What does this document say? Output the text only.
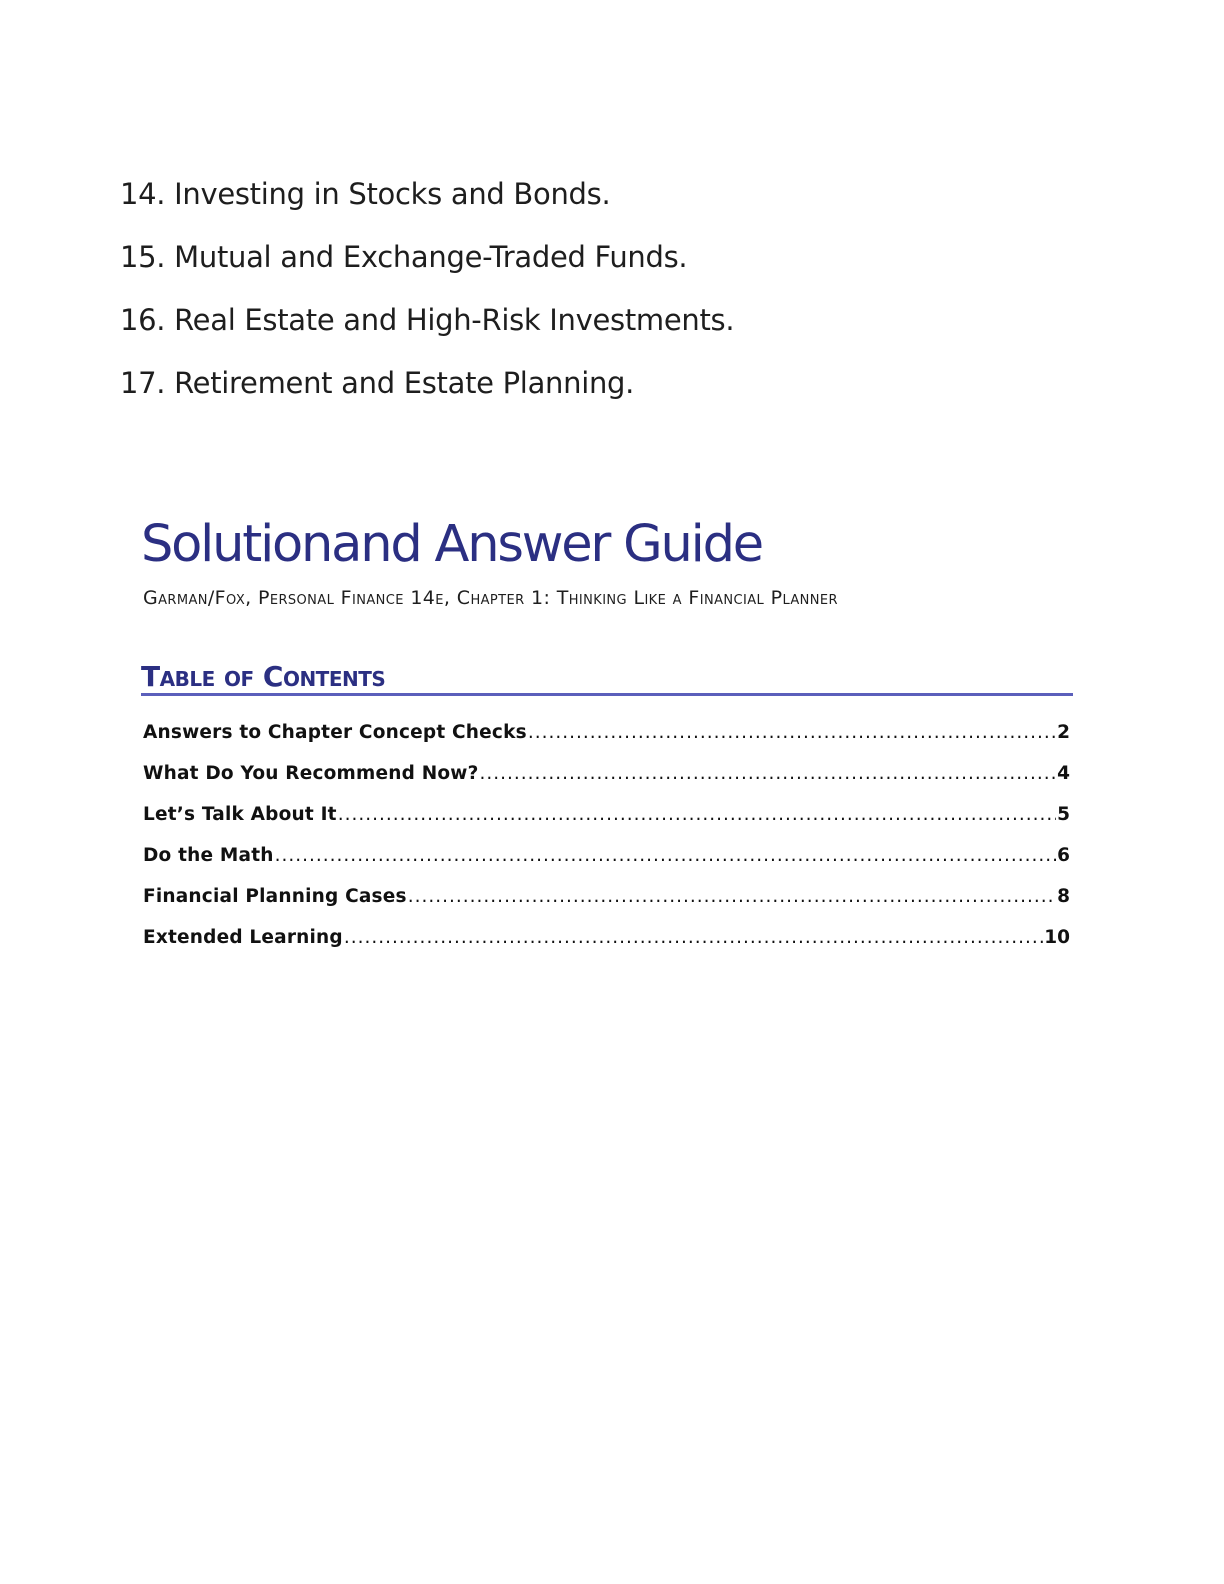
14. Investing in Stocks and Bonds.
15. Mutual and Exchange-Traded Funds.
16. Real Estate and High-Risk Investments.
17. Retirement and Estate Planning.
Solutionand Answer Guide
Garman/Fox, Personal Finance 14e, Chapter 1: Thinking Like a Financial Planner
Table of Contents
Answers to Chapter Concept Checks .....	2
What Do You Recommend Now? .....	4
Let’s Talk About It .....	5
Do the Math .....	6
Financial Planning Cases .....	8
Extended Learning .....	10
